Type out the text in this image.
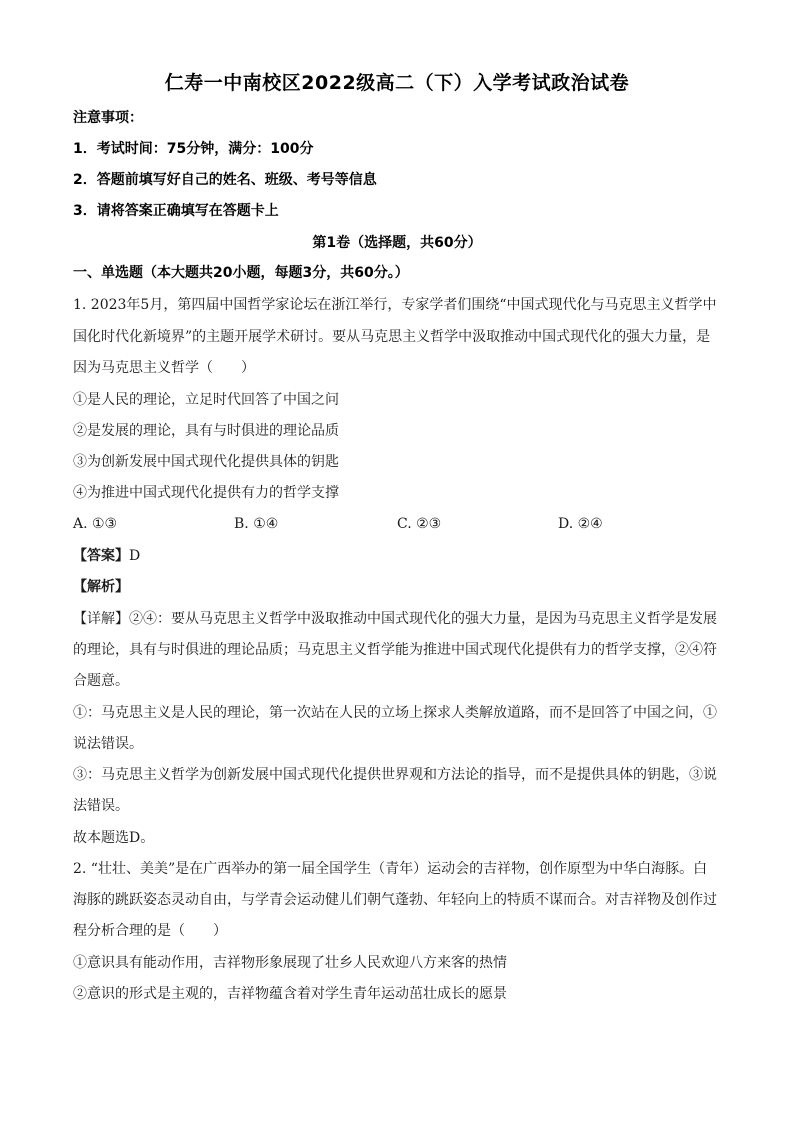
仁寿一中南校区2022级高二（下）入学考试政治试卷
注意事项：
1．考试时间：75分钟，满分：100分
2．答题前填写好自己的姓名、班级、考号等信息
3．请将答案正确填写在答题卡上
第1卷（选择题，共60分）
一、单选题（本大题共20小题，每题3分，共60分。）
1. 2023年5月，第四届中国哲学家论坛在浙江举行，专家学者们围绕“中国式现代化与马克思主义哲学中
国化时代化新境界”的主题开展学术研讨。要从马克思主义哲学中汲取推动中国式现代化的强大力量，是
因为马克思主义哲学（　　）
①是人民的理论，立足时代回答了中国之问
②是发展的理论，具有与时俱进的理论品质
③为创新发展中国式现代化提供具体的钥匙
④为推进中国式现代化提供有力的哲学支撑
A. ①③	B. ①④	C. ②③	D. ②④
【答案】D
【解析】
【详解】②④：要从马克思主义哲学中汲取推动中国式现代化的强大力量，是因为马克思主义哲学是发展
的理论，具有与时俱进的理论品质；马克思主义哲学能为推进中国式现代化提供有力的哲学支撑，②④符
合题意。
①：马克思主义是人民的理论，第一次站在人民的立场上探求人类解放道路，而不是回答了中国之问，①
说法错误。
③：马克思主义哲学为创新发展中国式现代化提供世界观和方法论的指导，而不是提供具体的钥匙，③说
法错误。
故本题选D。
2. “壮壮、美美”是在广西举办的第一届全国学生（青年）运动会的吉祥物，创作原型为中华白海豚。白
海豚的跳跃姿态灵动自由，与学青会运动健儿们朝气蓬勃、年轻向上的特质不谋而合。对吉祥物及创作过
程分析合理的是（　　）
①意识具有能动作用，吉祥物形象展现了壮乡人民欢迎八方来客的热情
②意识的形式是主观的，吉祥物蕴含着对学生青年运动茁壮成长的愿景
